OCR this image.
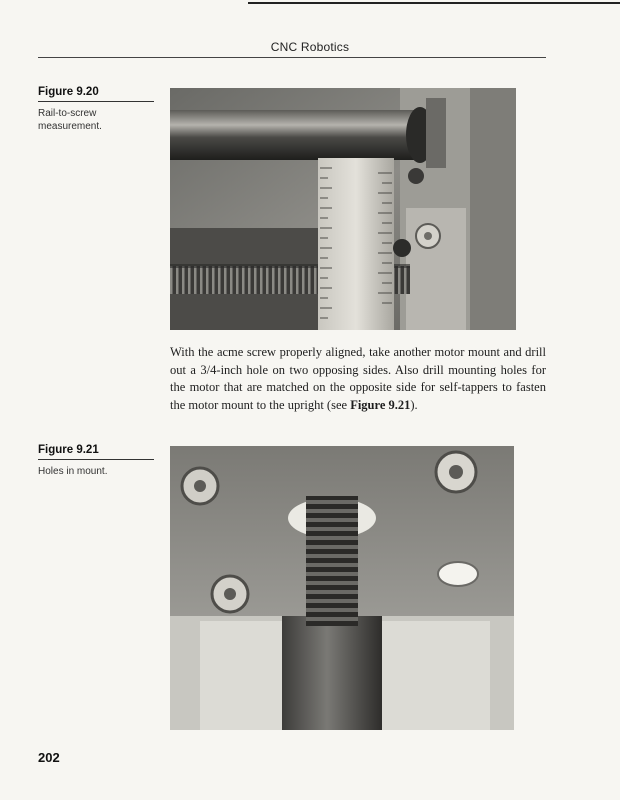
CNC Robotics
Figure 9.20
Rail-to-screw measurement.
With the acme screw properly aligned, take another motor mount and drill out a 3/4-inch hole on two opposing sides. Also drill mounting holes for the motor that are matched on the opposite side for self-tappers to fasten the motor mount to the upright (see Figure 9.21).
Figure 9.21
Holes in mount.
202
